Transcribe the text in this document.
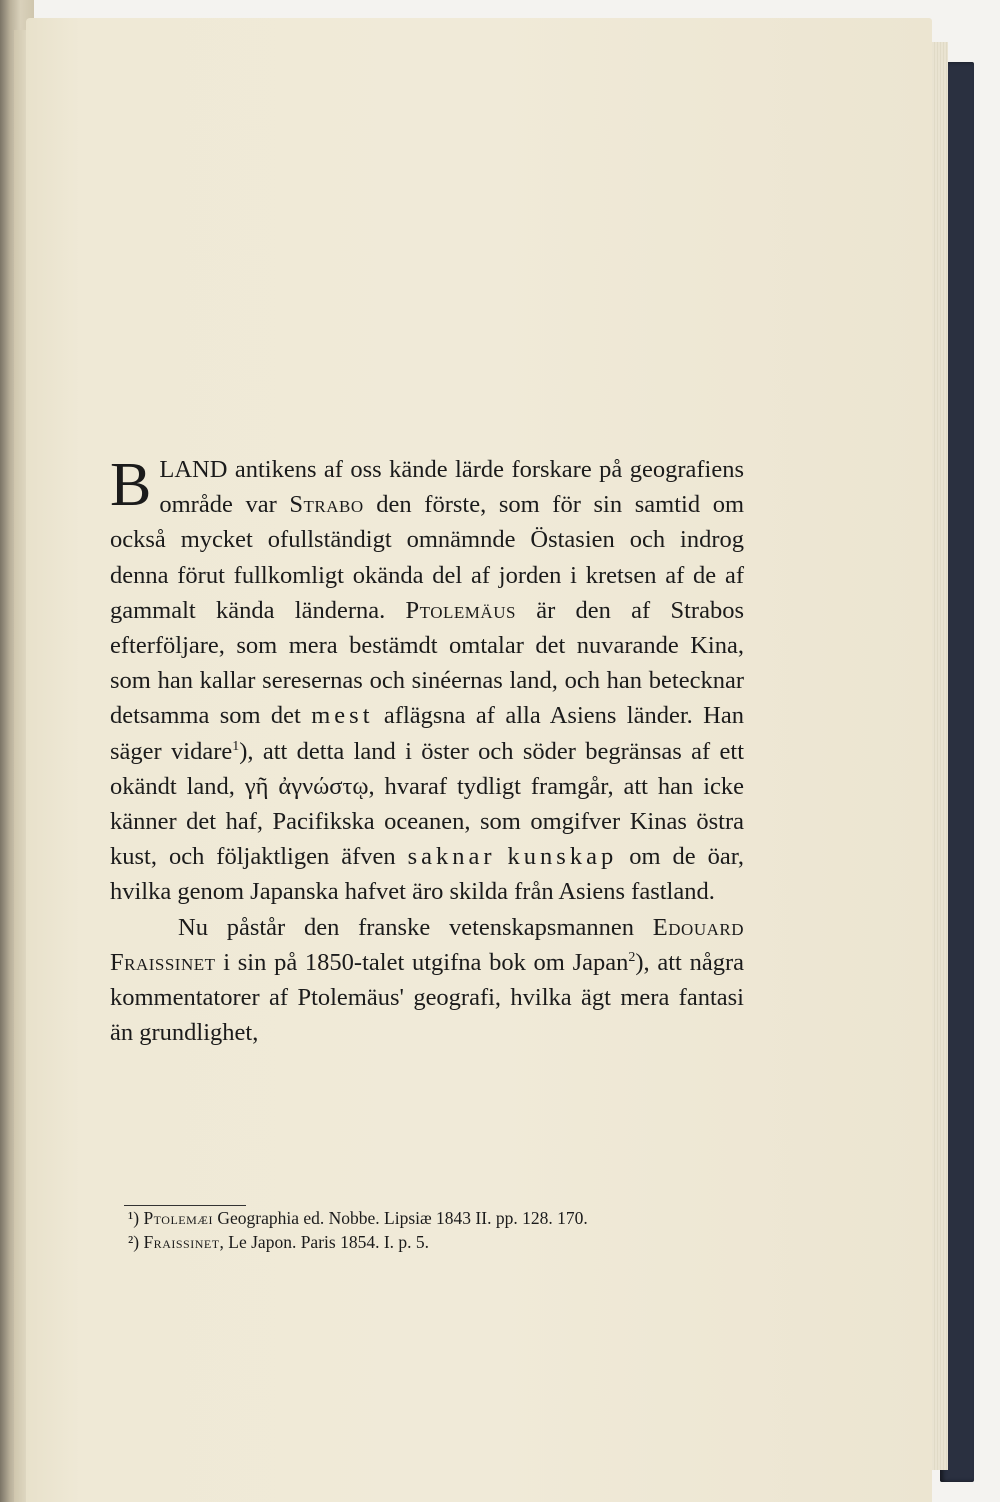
BLAND antikens af oss kände lärde forskare på geografiens område var Strabo den förste, som för sin samtid om också mycket ofullständigt omnämnde Östasien och indrog denna förut fullkomligt okända del af jorden i kretsen af de af gammalt kända länderna. Ptolemäus är den af Strabos efterföljare, som mera bestämdt omtalar det nuvarande Kina, som han kallar seresernas och sinéernas land, och han betecknar detsamma som det mest aflägsna af alla Asiens länder. Han säger vidare$^1$), att detta land i öster och söder begränsas af ett okändt land, γῆ ἀγνώστῳ, hvaraf tydligt framgår, att han icke känner det haf, Pacifikska oceanen, som omgifver Kinas östra kust, och följaktligen äfven saknar kunskap om de öar, hvilka genom Japanska hafvet äro skilda från Asiens fastland.

Nu påstår den franske vetenskapsmannen Edouard Fraissinet i sin på 1850-talet utgifna bok om Japan$^2$), att några kommentatorer af Ptolemäus' geografi, hvilka ägt mera fantasi än grundlighet,

¹) Ptolemæi Geographia ed. Nobbe. Lipsiæ 1843 II. pp. 128. 170.

²) Fraissinet, Le Japon. Paris 1854. I. p. 5.
